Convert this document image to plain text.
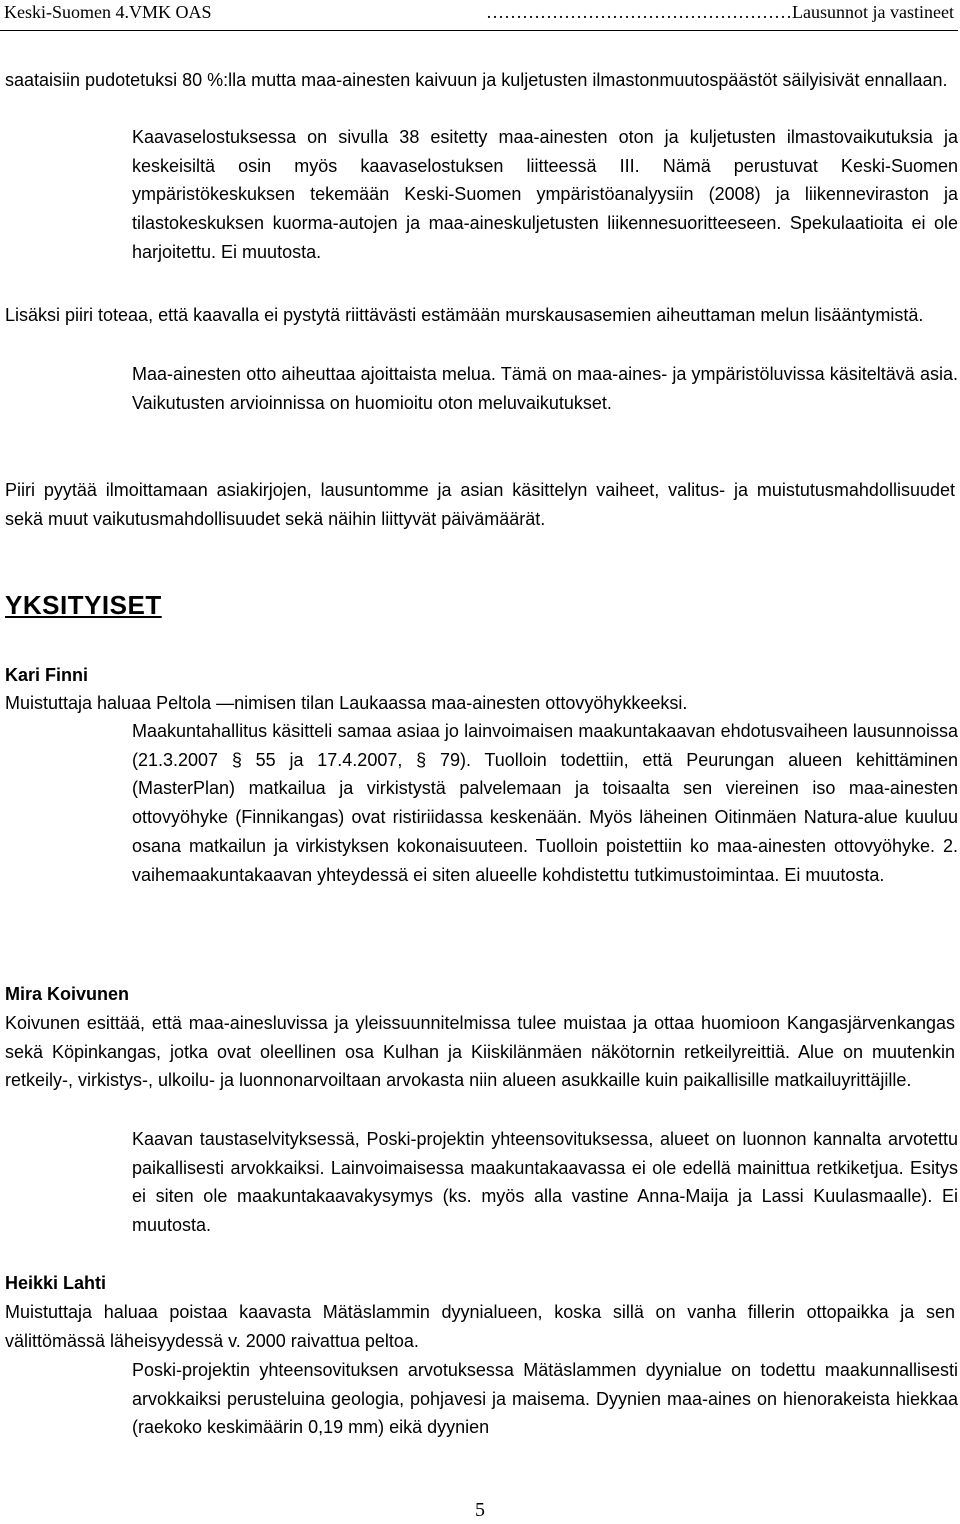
Keski-Suomen 4.VMK OAS	……………………………………………Lausunnot ja vastineet

saataisiin pudotetuksi 80 %:lla mutta maa-ainesten kaivuun ja kuljetusten ilmastonmuutospäästöt säilyisivät ennallaan.

Kaavaselostuksessa on sivulla 38 esitetty maa-ainesten oton ja kuljetusten ilmastovaikutuksia ja keskeisiltä osin myös kaavaselostuksen liitteessä III. Nämä perustuvat Keski-Suomen ympäristökeskuksen tekemään Keski-Suomen ympäristöanalyysiin (2008) ja liikenneviraston ja tilastokeskuksen kuorma-autojen ja maa-aineskuljetusten liikennesuoritteeseen. Spekulaatioita ei ole harjoitettu. Ei muutosta.

Lisäksi piiri toteaa, että kaavalla ei pystytä riittävästi estämään murskausasemien aiheuttaman melun lisääntymistä.

Maa-ainesten otto aiheuttaa ajoittaista melua. Tämä on maa-aines- ja ympäristöluvissa käsiteltävä asia. Vaikutusten arvioinnissa on huomioitu oton meluvaikutukset.

Piiri pyytää ilmoittamaan asiakirjojen, lausuntomme ja asian käsittelyn vaiheet, valitus- ja muistutusmahdollisuudet sekä muut vaikutusmahdollisuudet sekä näihin liittyvät päivämäärät.

YKSITYISET
Kari Finni

Muistuttaja haluaa Peltola —nimisen tilan Laukaassa maa-ainesten ottovyöhykkeeksi.

Maakuntahallitus käsitteli samaa asiaa jo lainvoimaisen maakuntakaavan ehdotusvaiheen lausunnoissa (21.3.2007 § 55 ja 17.4.2007, § 79). Tuolloin todettiin, että Peurungan alueen kehittäminen (MasterPlan) matkailua ja virkistystä palvelemaan ja toisaalta sen viereinen iso maa-ainesten ottovyöhyke (Finnikangas) ovat ristiriidassa keskenään. Myös läheinen Oitinmäen Natura-alue kuuluu osana matkailun ja virkistyksen kokonaisuuteen. Tuolloin poistettiin ko maa-ainesten ottovyöhyke. 2. vaihemaakuntakaavan yhteydessä ei siten alueelle kohdistettu tutkimustoimintaa. Ei muutosta.

Mira Koivunen

Koivunen esittää, että maa-ainesluvissa ja yleissuunnitelmissa tulee muistaa ja ottaa huomioon Kangasjärvenkangas sekä Köpinkangas, jotka ovat oleellinen osa Kulhan ja Kiiskilänmäen näkötornin retkeilyreittiä. Alue on muutenkin retkeily-, virkistys-, ulkoilu- ja luonnonarvoiltaan arvokasta niin alueen asukkaille kuin paikallisille matkailuyrittäjille.

Kaavan taustaselvityksessä, Poski-projektin yhteensovituksessa, alueet on luonnon kannalta arvotettu paikallisesti arvokkaiksi. Lainvoimaisessa maakuntakaavassa ei ole edellä mainittua retkiketjua. Esitys ei siten ole maakuntakaavakysymys (ks. myös alla vastine Anna-Maija ja Lassi Kuulasmaalle). Ei muutosta.

Heikki Lahti

Muistuttaja haluaa poistaa kaavasta Mätäslammin dyynialueen, koska sillä on vanha fillerin ottopaikka ja sen välittömässä läheisyydessä v. 2000 raivattua peltoa.

Poski-projektin yhteensovituksen arvotuksessa Mätäslammen dyynialue on todettu maakunnallisesti arvokkaiksi perusteluina geologia, pohjavesi ja maisema. Dyynien maa-aines on hienorakeista hiekkaa (raekoko keskimäärin 0,19 mm) eikä dyynien

5
